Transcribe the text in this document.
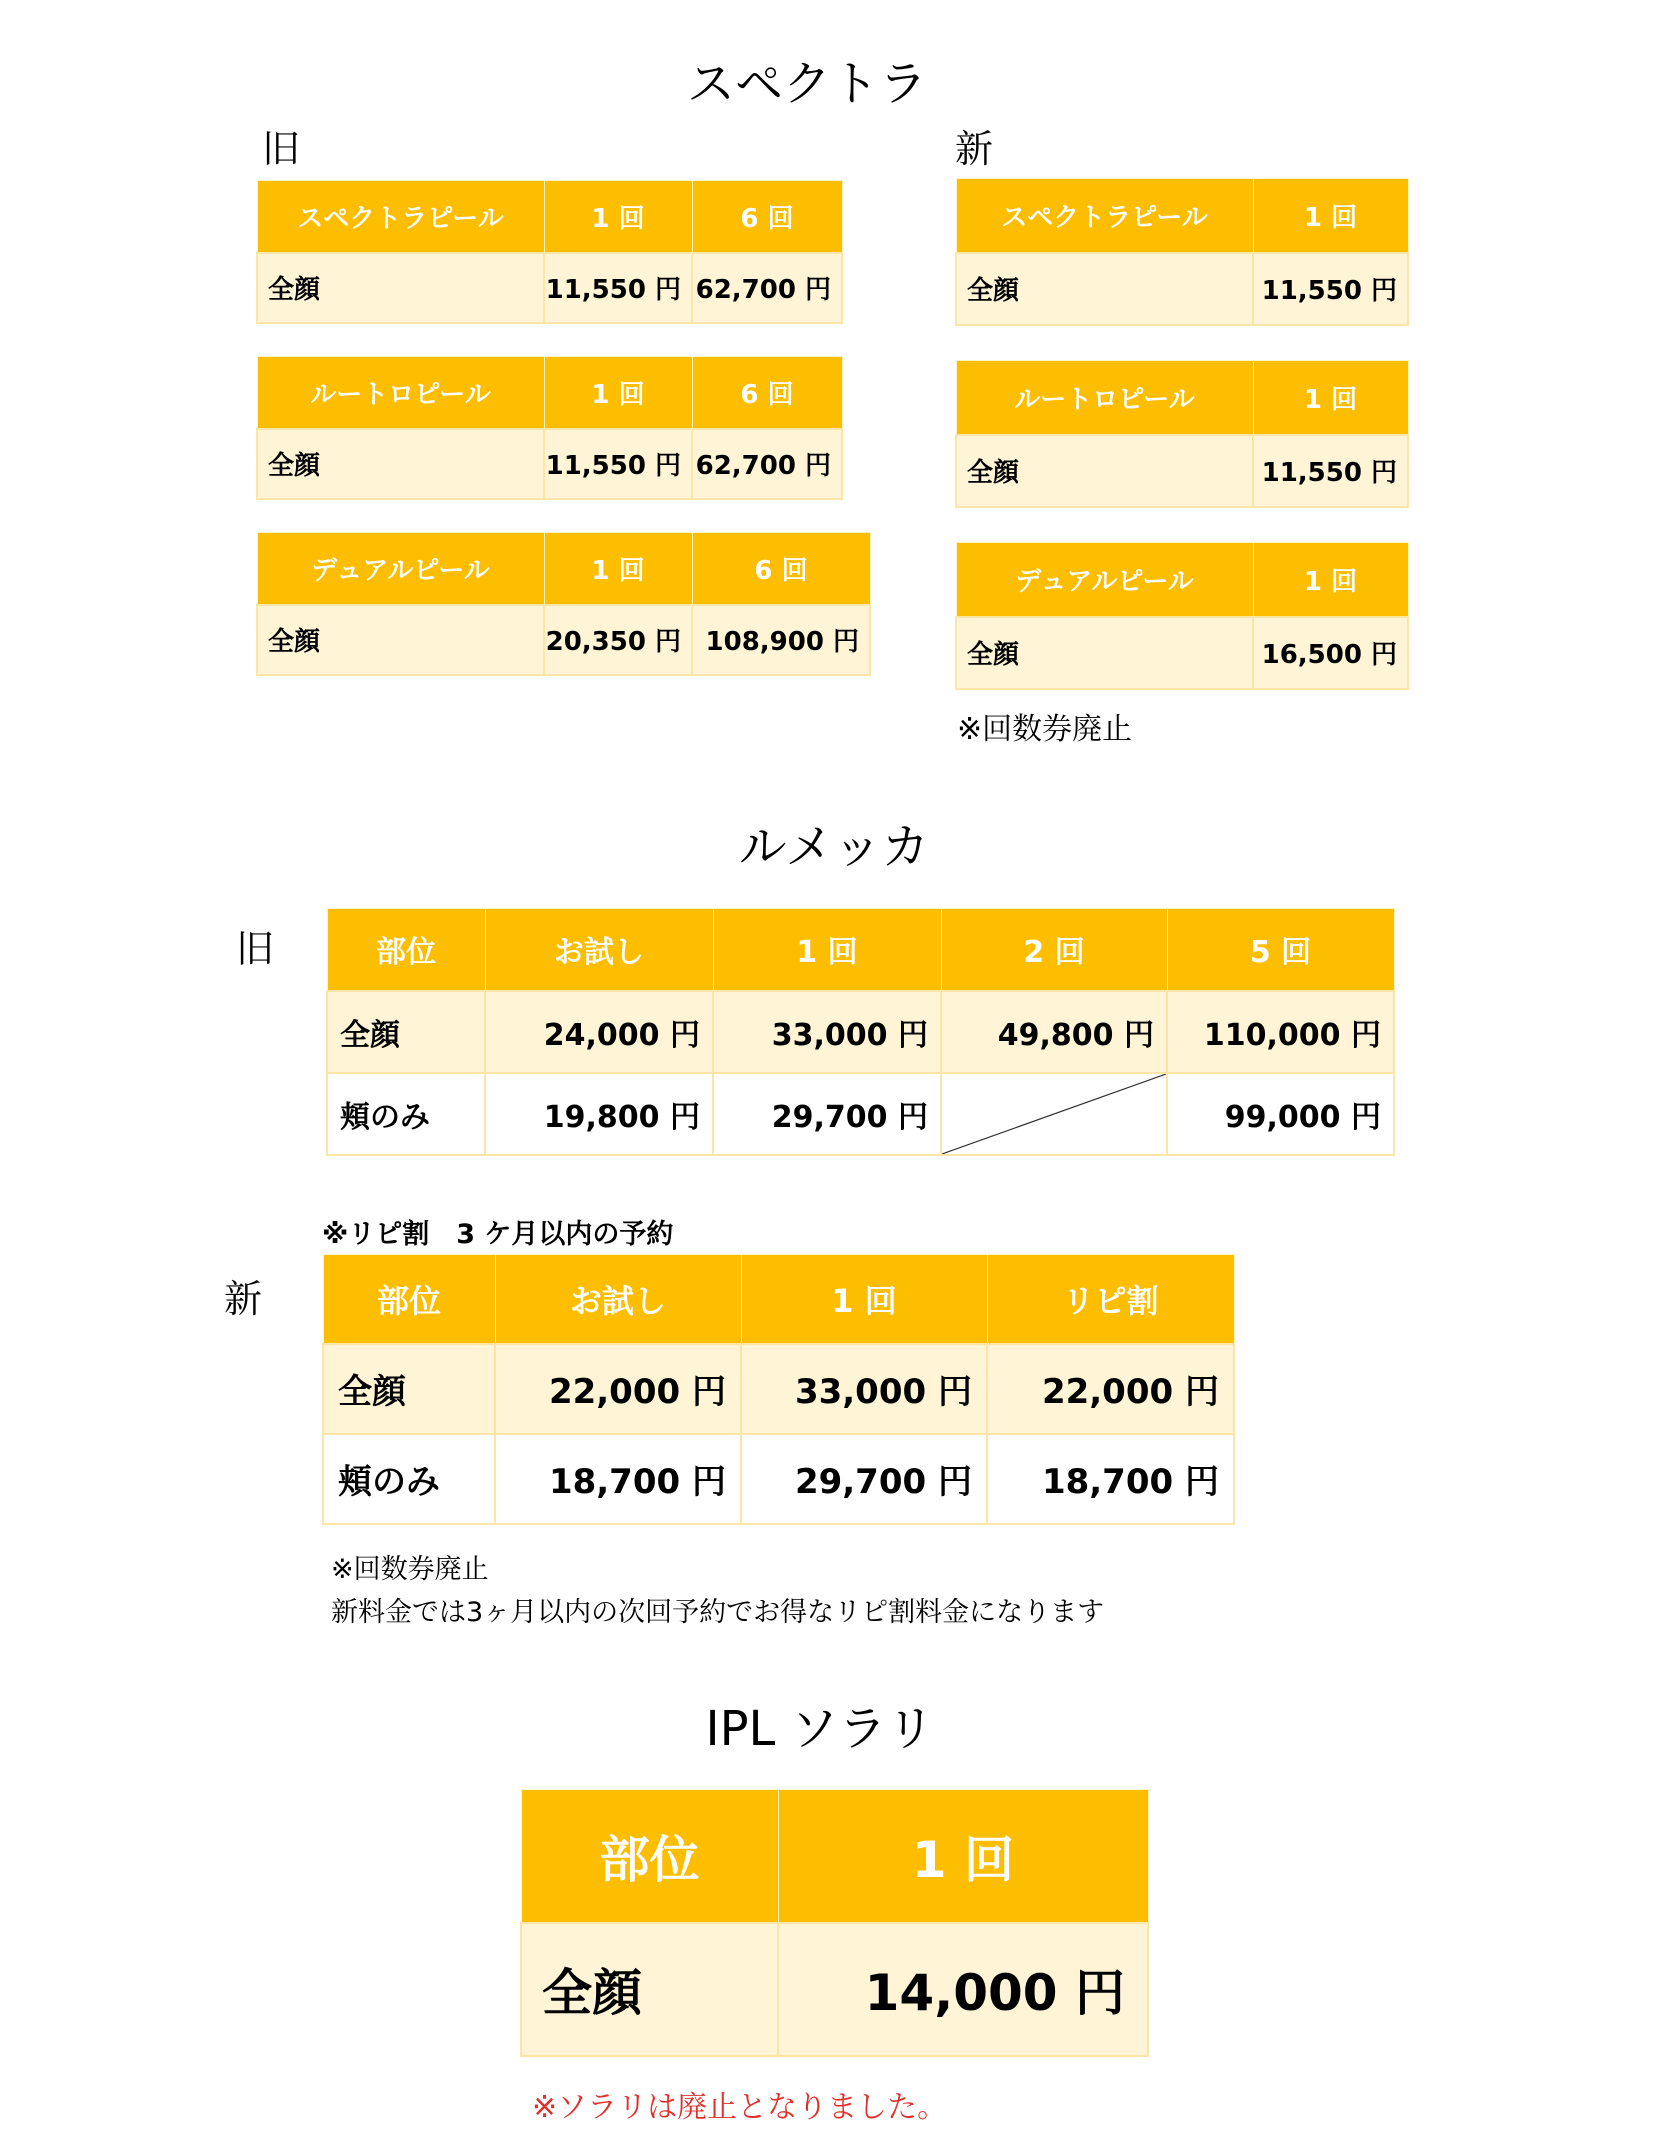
スペクトラ
旧	新
スペクトラピール	1 回	6 回
全顔	11,550 円	62,700 円
ルートロピール	1 回	6 回
全顔	11,550 円	62,700 円
デュアルピール	1 回	6 回
全顔	20,350 円	108,900 円
スペクトラピール	1 回
全顔	11,550 円
ルートロピール	1 回
全顔	11,550 円
デュアルピール	1 回
全顔	16,500 円
※回数券廃止
ルメッカ
旧	部位	お試し	1 回	2 回	5 回
全顔	24,000 円	33,000 円	49,800 円	110,000 円
頬のみ	19,800 円	29,700 円		99,000 円
※リピ割　3 ケ月以内の予約
新	部位	お試し	1 回	リピ割
全顔	22,000 円	33,000 円	22,000 円
頬のみ	18,700 円	29,700 円	18,700 円
※回数券廃止
新料金では3ヶ月以内の次回予約でお得なリピ割料金になります
IPL ソラリ
部位	1 回
全顔	14,000 円
※ソラリは廃止となりました。
